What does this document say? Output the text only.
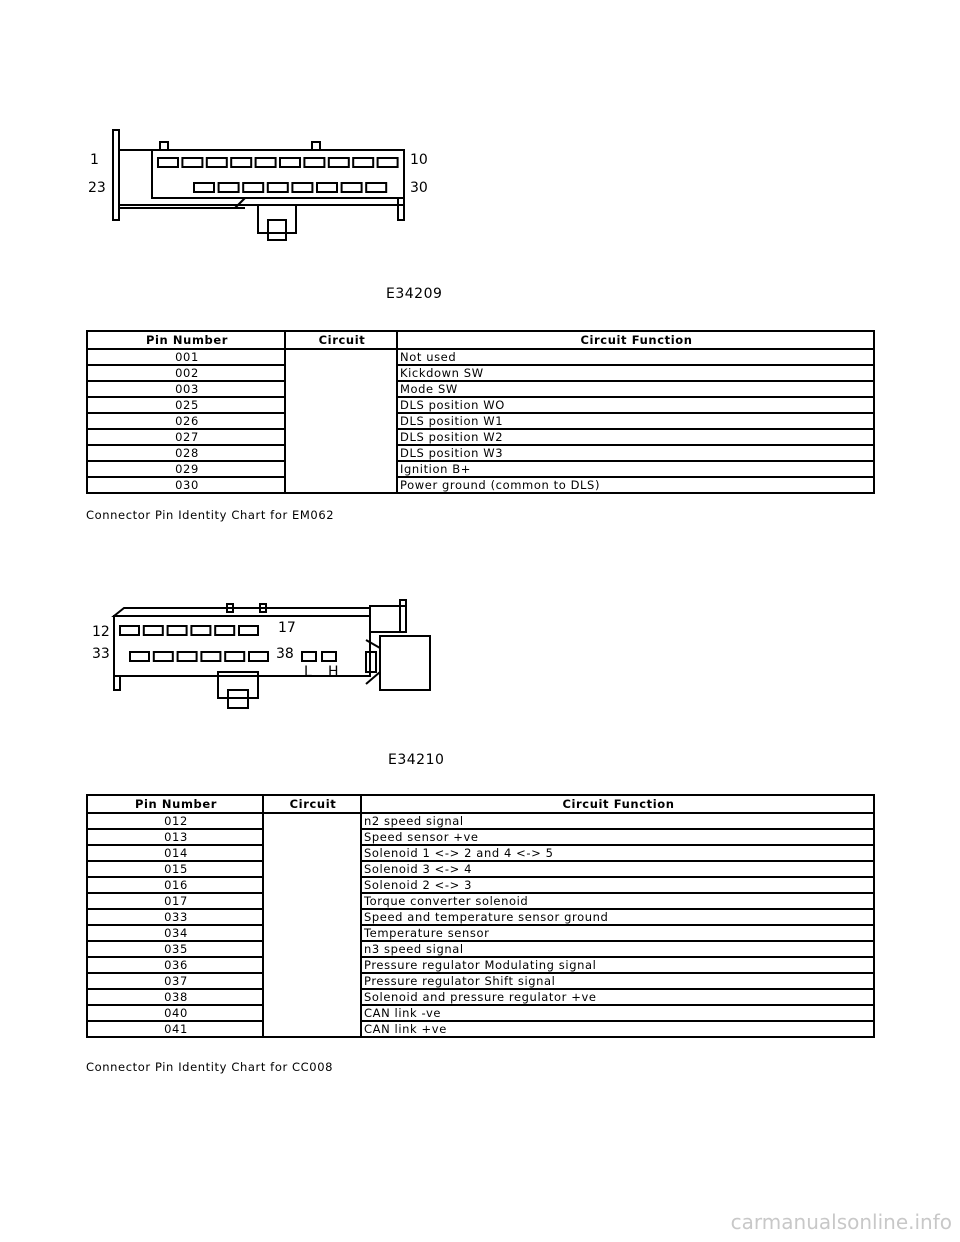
1	10
23	30
E34209
Pin Number	Circuit	Circuit Function
001		Not used
002		Kickdown SW
003		Mode SW
025		DLS position WO
026		DLS position W1
027		DLS position W2
028		DLS position W3
029		Ignition B+
030		Power ground (common to DLS)
Connector Pin Identity Chart for EM062
12	17
33	38
L H
E34210
Pin Number	Circuit	Circuit Function
012		n2 speed signal
013		Speed sensor +ve
014		Solenoid 1 <-> 2 and 4 <-> 5
015		Solenoid 3 <-> 4
016		Solenoid 2 <-> 3
017		Torque converter solenoid
033		Speed and temperature sensor ground
034		Temperature sensor
035		n3 speed signal
036		Pressure regulator Modulating signal
037		Pressure regulator Shift signal
038		Solenoid and pressure regulator +ve
040		CAN link -ve
041		CAN link +ve
Connector Pin Identity Chart for CC008
carmanualsonline.info
